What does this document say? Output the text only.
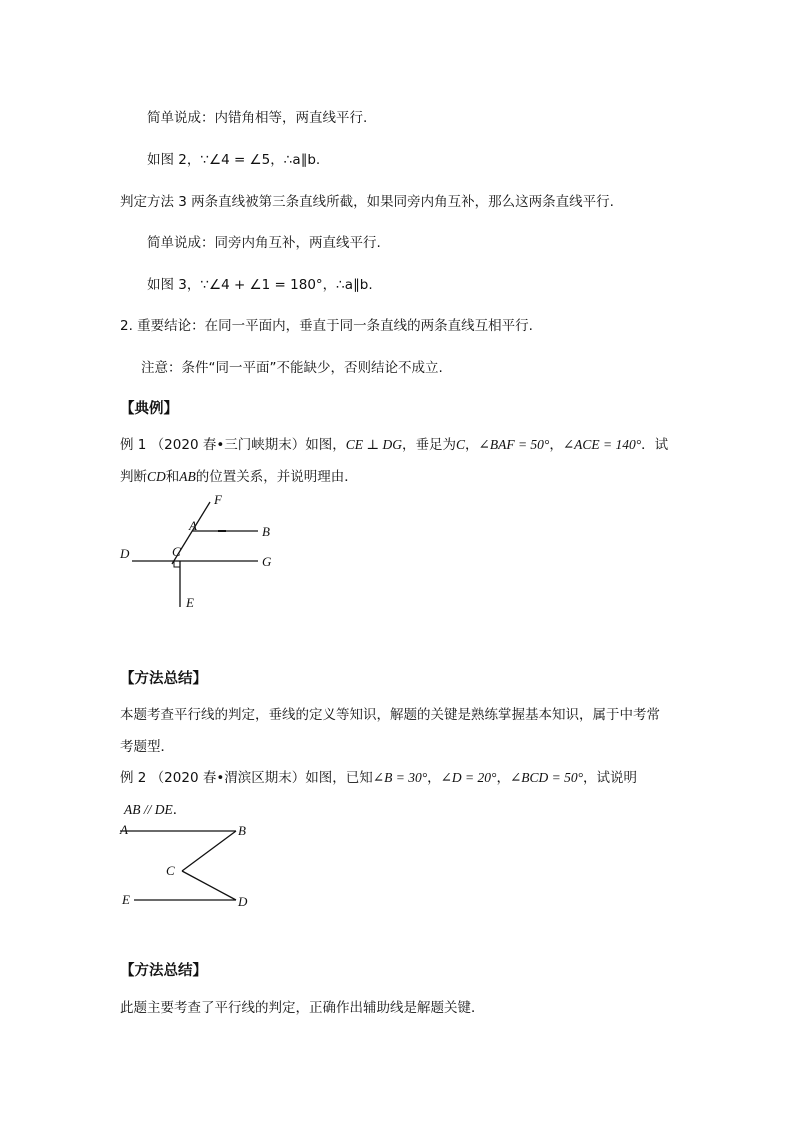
简单说成：内错角相等，两直线平行.
如图 2，∵∠4 = ∠5，∴a∥b.
判定方法 3 两条直线被第三条直线所截，如果同旁内角互补，那么这两条直线平行.
简单说成：同旁内角互补，两直线平行.
如图 3，∵∠4 + ∠1 = 180°，∴a∥b.
2. 重要结论：在同一平面内，垂直于同一条直线的两条直线互相平行.
注意：条件“同一平面”不能缺少，否则结论不成立.
【典例】
例 1 （2020 春•三门峡期末）如图，CE ⊥ DG，垂足为C，∠BAF = 50°，∠ACE = 140°．试
判断CD和AB的位置关系，并说明理由．
F
A	B
D	C
G
E
【方法总结】
本题考查平行线的判定，垂线的定义等知识，解题的关键是熟练掌握基本知识，属于中考常
考题型．
例 2 （2020 春•渭滨区期末）如图，已知∠B = 30°，∠D = 20°，∠BCD = 50°，试说明
AB // DE．
A	B
C
E	D
【方法总结】
此题主要考查了平行线的判定，正确作出辅助线是解题关键．
